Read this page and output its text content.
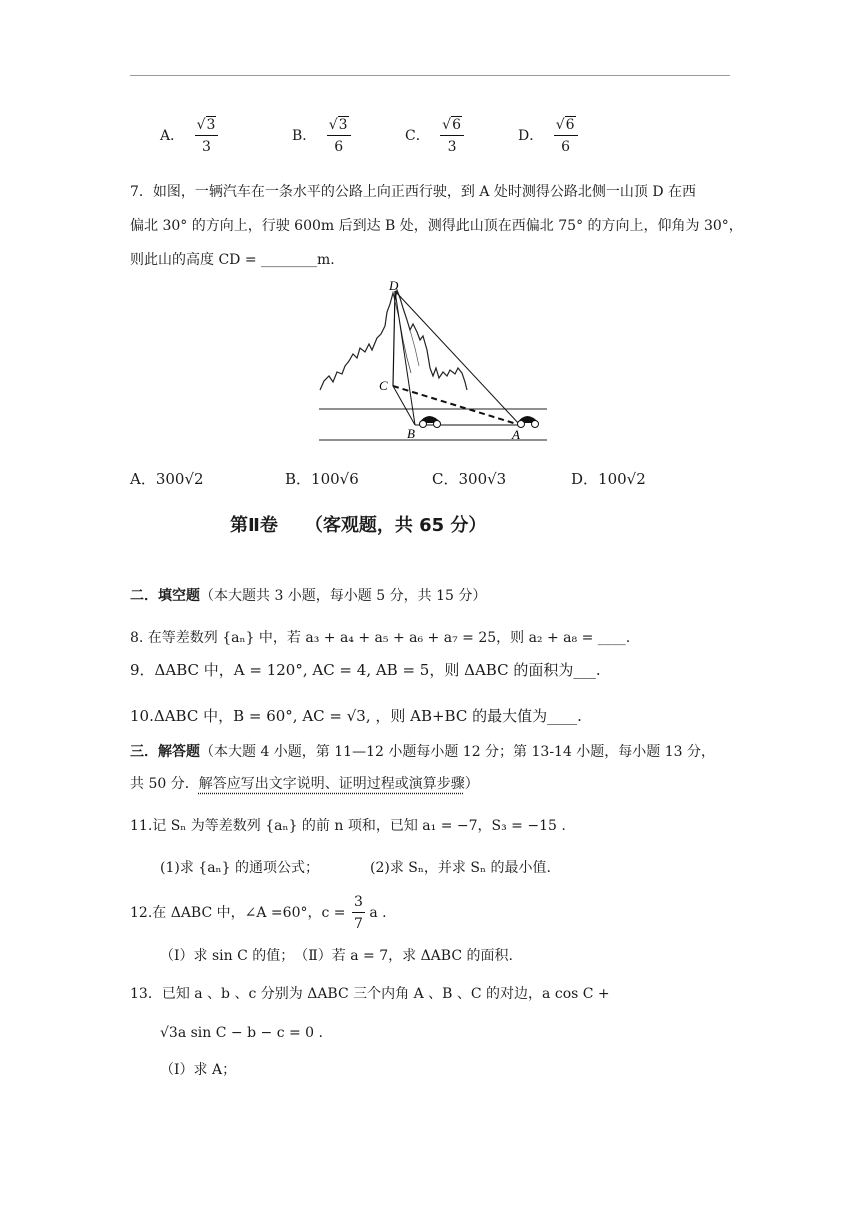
A． $\frac{√3}{3}$	B． $\frac{√3}{6}$	C． $\frac{√6}{3}$	D． $\frac{√6}{6}$
7．如图，一辆汽车在一条水平的公路上向正西行驶，到 A 处时测得公路北侧一山顶 D 在西
偏北 30° 的方向上，行驶 600m 后到达 B 处，测得此山顶在西偏北 75° 的方向上，仰角为 30°，
则此山的高度 CD = ________m.
D
C
B	A
A．300√2	B．100√6	C．300√3	D．100√2
第Ⅱ卷　　（客观题，共 65 分）
二．填空题（本大题共 3 小题，每小题 5 分，共 15 分）
8. 在等差数列 {aₙ} 中，若 a₃ + a₄ + a₅ + a₆ + a₇ = 25，则 a₂ + a₈ = ____.
9．ΔABC 中，A = 120°, AC = 4, AB = 5，则 ΔABC 的面积为___.
10.ΔABC 中，B = 60°, AC = √3, ，则 AB+BC 的最大值为____.
三．解答题（本大题 4 小题，第 11—12 小题每小题 12 分；第 13-14 小题，每小题 13 分，
共 50 分．解答应写出文字说明、证明过程或演算步骤）
11.记 Sₙ 为等差数列 {aₙ} 的前 n 项和，已知 a₁ = −7，S₃ = −15 .
(1)求 {aₙ} 的通项公式；	(2)求 Sₙ，并求 Sₙ 的最小值.
12.在 ΔABC 中，∠A =60°，$c = \frac{3}{7}$ a .
（Ⅰ）求 sin C 的值；　（Ⅱ）若 a = 7，求 ΔABC 的面积.
13．已知 a 、b 、c 分别为 ΔABC 三个内角 A 、B 、C 的对边，a cos C +
√3a sin C − b − c = 0 .
（Ⅰ）求 A；
